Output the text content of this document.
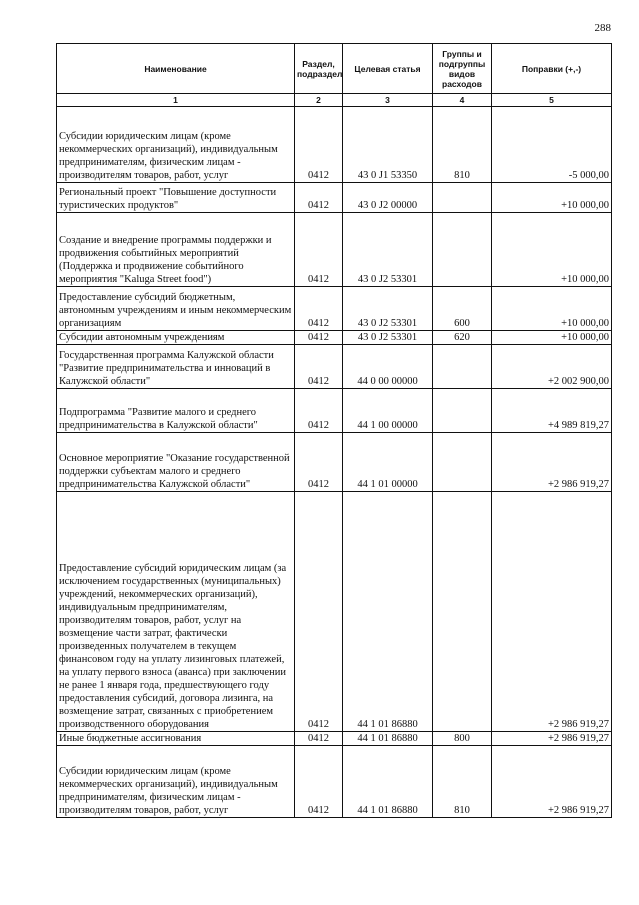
288
Наименование	Раздел, подраздел	Целевая статья	Группы и подгруппы видов расходов	Поправки (+,-)
1	2	3	4	5
Субсидии юридическим лицам (кроме некоммерческих организаций), индивидуальным предпринимателям, физическим лицам - производителям товаров, работ, услуг	0412	43 0 J1 53350	810	-5 000,00
Региональный проект "Повышение доступности туристических продуктов"	0412	43 0 J2 00000		+10 000,00
Создание и внедрение программы поддержки и продвижения событийных мероприятий (Поддержка и продвижение событийного мероприятия "Kaluga Street food")	0412	43 0 J2 53301		+10 000,00
Предоставление субсидий бюджетным, автономным учреждениям и иным некоммерческим организациям	0412	43 0 J2 53301	600	+10 000,00
Субсидии автономным учреждениям	0412	43 0 J2 53301	620	+10 000,00
Государственная программа Калужской области "Развитие предпринимательства и инноваций в Калужской области"	0412	44 0 00 00000		+2 002 900,00
Подпрограмма "Развитие малого и среднего предпринимательства в Калужской области"	0412	44 1 00 00000		+4 989 819,27
Основное мероприятие "Оказание государственной поддержки субъектам малого и среднего предпринимательства Калужской области"	0412	44 1 01 00000		+2 986 919,27
Предоставление субсидий юридическим лицам (за исключением государственных (муниципальных) учреждений, некоммерческих организаций), индивидуальным предпринимателям, производителям товаров, работ, услуг на возмещение части затрат, фактически произведенных получателем в текущем финансовом году на уплату лизинговых платежей, на уплату первого взноса (аванса) при заключении не ранее 1 января года, предшествующего году предоставления субсидий, договора лизинга, на возмещение затрат, связанных с приобретением производственного оборудования	0412	44 1 01 86880		+2 986 919,27
Иные бюджетные ассигнования	0412	44 1 01 86880	800	+2 986 919,27
Субсидии юридическим лицам (кроме некоммерческих организаций), индивидуальным предпринимателям, физическим лицам - производителям товаров, работ, услуг	0412	44 1 01 86880	810	+2 986 919,27
